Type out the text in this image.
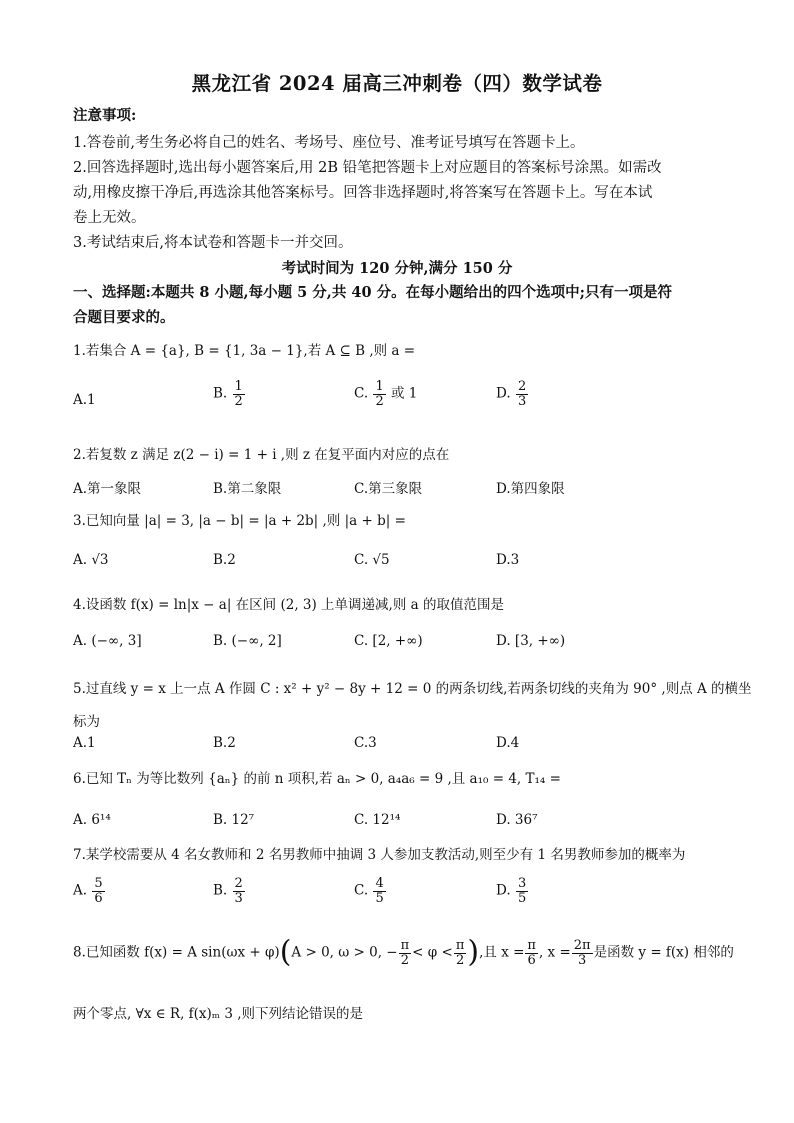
黑龙江省 2024 届高三冲刺卷（四）数学试卷
注意事项:
1.答卷前,考生务必将自己的姓名、考场号、座位号、准考证号填写在答题卡上。
2.回答选择题时,选出每小题答案后,用 2B 铅笔把答题卡上对应题目的答案标号涂黑。如需改
动,用橡皮擦干净后,再选涂其他答案标号。回答非选择题时,将答案写在答题卡上。写在本试
卷上无效。
3.考试结束后,将本试卷和答题卡一并交回。
考试时间为 120 分钟,满分 150 分
一、选择题:本题共 8 小题,每小题 5 分,共 40 分。在每小题给出的四个选项中;只有一项是符
合题目要求的。
1.若集合 A = {a}, B = {1, 3a − 1},若 A ⊆ B ,则 a =
A.1	B. $\frac{1}{2}$	C. $\frac{1}{2}$ 或 1	D. $\frac{2}{3}$
2.若复数 z 满足 z(2 − i) = 1 + i ,则 z 在复平面内对应的点在
A.第一象限	B.第二象限	C.第三象限	D.第四象限
3.已知向量 |a| = 3, |a − b| = |a + 2b| ,则 |a + b| =
A. √3	B.2	C. √5	D.3
4.设函数 f(x) = ln|x − a| 在区间 (2, 3) 上单调递减,则 a 的取值范围是
A. (−∞, 3]	B. (−∞, 2]	C. [2, +∞)	D. [3, +∞)
5.过直线 y = x 上一点 A 作圆 C : x² + y² − 8y + 12 = 0 的两条切线,若两条切线的夹角为 90° ,则点 A 的横坐
标为
A.1	B.2	C.3	D.4
6.已知 Tₙ 为等比数列 {aₙ} 的前 n 项积,若 aₙ > 0, a₄a₆ = 9 ,且 a₁₀ = 4, T₁₄ =
A. 6¹⁴	B. 12⁷	C. 12¹⁴	D. 36⁷
7.某学校需要从 4 名女教师和 2 名男教师中抽调 3 人参加支教活动,则至少有 1 名男教师参加的概率为
A. $\frac{5}{6}$	B. $\frac{2}{3}$	C. $\frac{4}{5}$	D. $\frac{3}{5}$
8.已知函数 f(x) = A sin(ωx + φ)(A > 0, ω > 0, − $\frac{\pi}{2} < \varphi < \frac{\pi}{2}$ ),且 $x = \frac{\pi}{6}$ , $x = \frac{2\pi}{3}$ 是函数 y = f(x) 相邻的
两个零点, ∀x ∈ R, f(x)ₘ 3 ,则下列结论错误的是
